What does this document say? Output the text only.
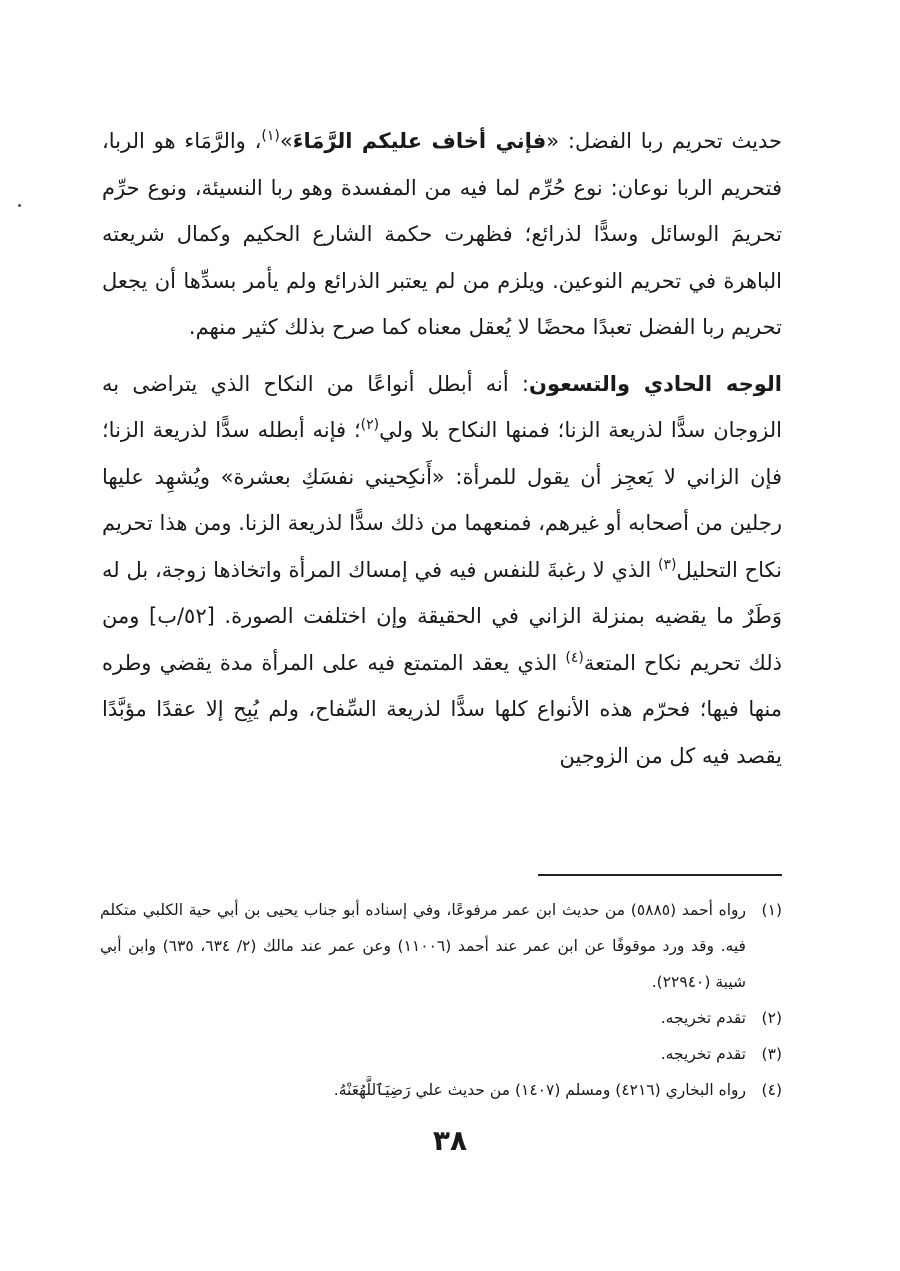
حديث تحريم ربا الفضل: «فإني أخاف عليكم الرَّمَاءَ»$^{(١)}$، والرَّمَاء هو الربا، فتحريم الربا نوعان: نوع حُرِّم لما فيه من المفسدة وهو ربا النسيئة، ونوع حرِّم تحريمَ الوسائل وسدًّا لذرائع؛ فظهرت حكمة الشارع الحكيم وكمال شريعته الباهرة في تحريم النوعين. ويلزم من لم يعتبر الذرائع ولم يأمر بسدِّها أن يجعل تحريم ربا الفضل تعبدًا محضًا لا يُعقل معناه كما صرح بذلك كثير منهم.

الوجه الحادي والتسعون: أنه أبطل أنواعًا من النكاح الذي يتراضى به الزوجان سدًّا لذريعة الزنا؛ فمنها النكاح بلا ولي$^{(٢)}$؛ فإنه أبطله سدًّا لذريعة الزنا؛ فإن الزاني لا يَعجِز أن يقول للمرأة: «أَنكِحيني نفسَكِ بعشرة» ويُشهِد عليها رجلين من أصحابه أو غيرهم، فمنعهما من ذلك سدًّا لذريعة الزنا. ومن هذا تحريم نكاح التحليل$^{(٣)}$ الذي لا رغبةَ للنفس فيه في إمساك المرأة واتخاذها زوجة، بل له وَطَرٌ ما يقضيه بمنزلة الزاني في الحقيقة وإن اختلفت الصورة. [٥٢/ب] ومن ذلك تحريم نكاح المتعة$^{(٤)}$ الذي يعقد المتمتع فيه على المرأة مدة يقضي وطره منها فيها؛ فحرّم هذه الأنواع كلها سدًّا لذريعة السِّفاح، ولم يُبِح إلا عقدًا مؤبَّدًا يقصد فيه كل من الزوجين

(١)
رواه أحمد (٥٨٨٥) من حديث ابن عمر مرفوعًا، وفي إسناده أبو جناب يحيى بن أبي حية الكلبي متكلم فيه. وقد ورد موقوفًا عن ابن عمر عند أحمد (١١٠٠٦) وعن عمر عند مالك (٢/ ٦٣٤، ٦٣٥) وابن أبي شيبة (٢٢٩٤٠).
(٢)
تقدم تخريجه.
(٣)
تقدم تخريجه.
(٤)
رواه البخاري (٤٢١٦) ومسلم (١٤٠٧) من حديث علي رَضِيَٱللَّهُعَنْهُ.
٣٨
